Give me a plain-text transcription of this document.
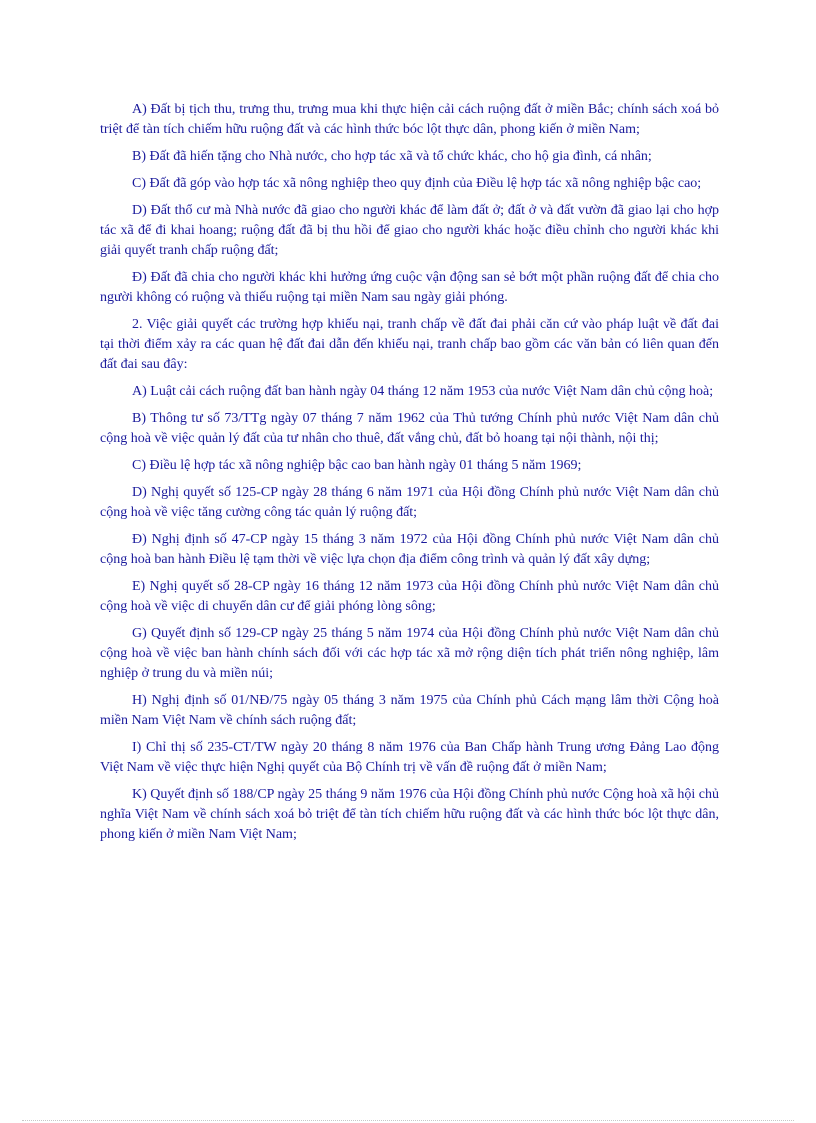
A) Đất bị tịch thu, trưng thu, trưng mua khi thực hiện cải cách ruộng đất ở miền Bắc; chính sách xoá bỏ triệt để tàn tích chiếm hữu ruộng đất và các hình thức bóc lột thực dân, phong kiến ở miền Nam;

B) Đất đã hiến tặng cho Nhà nước, cho hợp tác xã và tổ chức khác, cho hộ gia đình, cá nhân;

C) Đất đã góp vào hợp tác xã nông nghiệp theo quy định của Điều lệ hợp tác xã nông nghiệp bậc cao;

D) Đất thổ cư mà Nhà nước đã giao cho người khác để làm đất ở; đất ở và đất vườn đã giao lại cho hợp tác xã để đi khai hoang; ruộng đất đã bị thu hồi để giao cho người khác hoặc điều chỉnh cho người khác khi giải quyết tranh chấp ruộng đất;

Đ) Đất đã chia cho người khác khi hưởng ứng cuộc vận động san sẻ bớt một phần ruộng đất để chia cho người không có ruộng và thiếu ruộng tại miền Nam sau ngày giải phóng.

2. Việc giải quyết các trường hợp khiếu nại, tranh chấp về đất đai phải căn cứ vào pháp luật về đất đai tại thời điểm xảy ra các quan hệ đất đai dẫn đến khiếu nại, tranh chấp bao gồm các văn bản có liên quan đến đất đai sau đây:

A) Luật cải cách ruộng đất ban hành ngày 04 tháng 12 năm 1953 của nước Việt Nam dân chủ cộng hoà;

B) Thông tư số 73/TTg ngày 07 tháng 7 năm 1962 của Thủ tướng Chính phủ nước Việt Nam dân chủ cộng hoà về việc quản lý đất của tư nhân cho thuê, đất vắng chủ, đất bỏ hoang tại nội thành, nội thị;

C) Điều lệ hợp tác xã nông nghiệp bậc cao ban hành ngày 01 tháng 5 năm 1969;

D) Nghị quyết số 125-CP ngày 28 tháng 6 năm 1971 của Hội đồng Chính phủ nước Việt Nam dân chủ cộng hoà về việc tăng cường công tác quản lý ruộng đất;

Đ) Nghị định số 47-CP ngày 15 tháng 3 năm 1972 của Hội đồng Chính phủ nước Việt Nam dân chủ cộng hoà ban hành Điều lệ tạm thời về việc lựa chọn địa điểm công trình và quản lý đất xây dựng;

E) Nghị quyết số 28-CP ngày 16 tháng 12 năm 1973 của Hội đồng Chính phủ nước Việt Nam dân chủ cộng hoà về việc di chuyển dân cư để giải phóng lòng sông;

G) Quyết định số 129-CP ngày 25 tháng 5 năm 1974 của Hội đồng Chính phủ nước Việt Nam dân chủ cộng hoà về việc ban hành chính sách đối với các hợp tác xã mở rộng diện tích phát triển nông nghiệp, lâm nghiệp ở trung du và miền núi;

H) Nghị định số 01/NĐ/75 ngày 05 tháng 3 năm 1975 của Chính phủ Cách mạng lâm thời Cộng hoà miền Nam Việt Nam về chính sách ruộng đất;

I) Chỉ thị số 235-CT/TW ngày 20 tháng 8 năm 1976 của Ban Chấp hành Trung ương Đảng Lao động Việt Nam về việc thực hiện Nghị quyết của Bộ Chính trị về vấn đề ruộng đất ở miền Nam;

K) Quyết định số 188/CP ngày 25 tháng 9 năm 1976 của Hội đồng Chính phủ nước Cộng hoà xã hội chủ nghĩa Việt Nam về chính sách xoá bỏ triệt để tàn tích chiếm hữu ruộng đất và các hình thức bóc lột thực dân, phong kiến ở miền Nam Việt Nam;
